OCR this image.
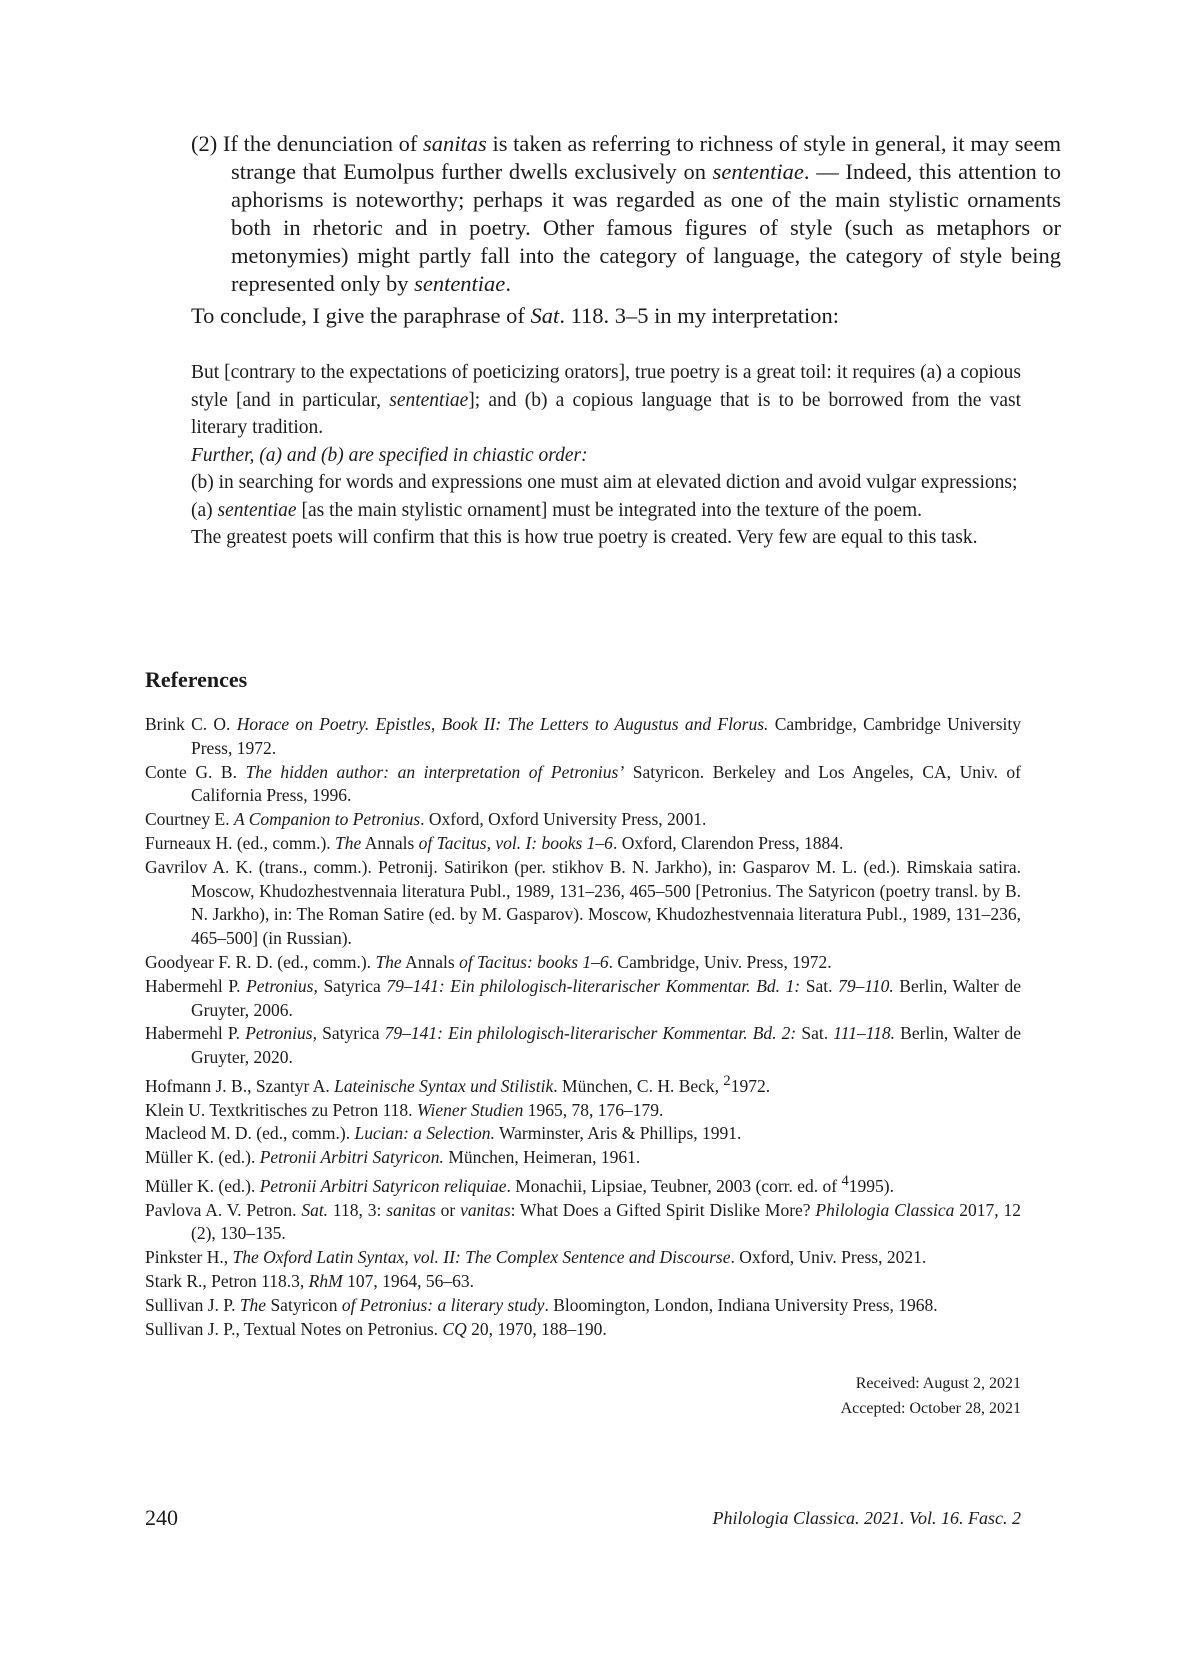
(2) If the denunciation of sanitas is taken as referring to richness of style in general, it may seem strange that Eumolpus further dwells exclusively on sententiae. — Indeed, this attention to aphorisms is noteworthy; perhaps it was regarded as one of the main stylistic ornaments both in rhetoric and in poetry. Other famous figures of style (such as metaphors or metonymies) might partly fall into the category of language, the category of style being represented only by sententiae.

To conclude, I give the paraphrase of Sat. 118. 3–5 in my interpretation:

But [contrary to the expectations of poeticizing orators], true poetry is a great toil: it requires (a) a copious style [and in particular, sententiae]; and (b) a copious language that is to be borrowed from the vast literary tradition.

Further, (a) and (b) are specified in chiastic order:

(b) in searching for words and expressions one must aim at elevated diction and avoid vulgar expressions;

(a) sententiae [as the main stylistic ornament] must be integrated into the texture of the poem.

The greatest poets will confirm that this is how true poetry is created. Very few are equal to this task.

References

Brink C. O. Horace on Poetry. Epistles, Book II: The Letters to Augustus and Florus. Cambridge, Cambridge University Press, 1972.

Conte G. B. The hidden author: an interpretation of Petronius’ Satyricon. Berkeley and Los Angeles, CA, Univ. of California Press, 1996.

Courtney E. A Companion to Petronius. Oxford, Oxford University Press, 2001.

Furneaux H. (ed., comm.). The Annals of Tacitus, vol. I: books 1–6. Oxford, Clarendon Press, 1884.

Gavrilov A. K. (trans., comm.). Petronij. Satirikon (per. stikhov B. N. Jarkho), in: Gasparov M. L. (ed.). Rimskaia satira. Moscow, Khudozhestvennaia literatura Publ., 1989, 131–236, 465–500 [Petronius. The Satyricon (poetry transl. by B. N. Jarkho), in: The Roman Satire (ed. by M. Gasparov). Moscow, Khudozhestvennaia literatura Publ., 1989, 131–236, 465–500] (in Russian).

Goodyear F. R. D. (ed., comm.). The Annals of Tacitus: books 1–6. Cambridge, Univ. Press, 1972.

Habermehl P. Petronius, Satyrica 79–141: Ein philologisch-literarischer Kommentar. Bd. 1: Sat. 79–110. Berlin, Walter de Gruyter, 2006.

Habermehl P. Petronius, Satyrica 79–141: Ein philologisch-literarischer Kommentar. Bd. 2: Sat. 111–118. Berlin, Walter de Gruyter, 2020.

Hofmann J. B., Szantyr A. Lateinische Syntax und Stilistik. München, C. H. Beck, $^2$1972.

Klein U. Textkritisches zu Petron 118. Wiener Studien 1965, 78, 176–179.

Macleod M. D. (ed., comm.). Lucian: a Selection. Warminster, Aris & Phillips, 1991.

Müller K. (ed.). Petronii Arbitri Satyricon. München, Heimeran, 1961.

Müller K. (ed.). Petronii Arbitri Satyricon reliquiae. Monachii, Lipsiae, Teubner, 2003 (corr. ed. of $^4$1995).

Pavlova A. V. Petron. Sat. 118, 3: sanitas or vanitas: What Does a Gifted Spirit Dislike More? Philologia Classica 2017, 12 (2), 130–135.

Pinkster H., The Oxford Latin Syntax, vol. II: The Complex Sentence and Discourse. Oxford, Univ. Press, 2021.

Stark R., Petron 118.3, RhM 107, 1964, 56–63.

Sullivan J. P. The Satyricon of Petronius: a literary study. Bloomington, London, Indiana University Press, 1968.

Sullivan J. P., Textual Notes on Petronius. CQ 20, 1970, 188–190.

Received: August 2, 2021
Accepted: October 28, 2021
240	Philologia Classica. 2021. Vol. 16. Fasc. 2
